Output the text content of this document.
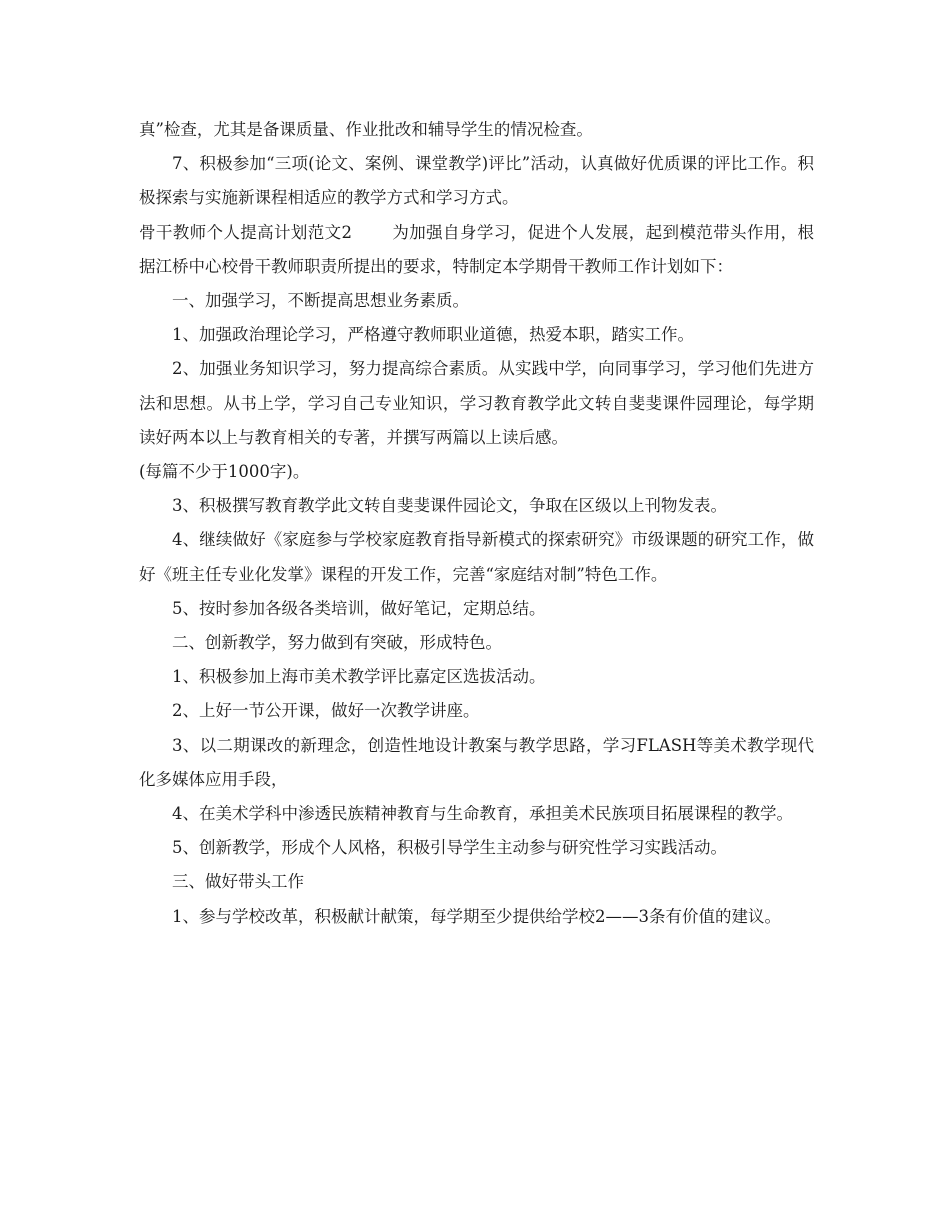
真”检查，尤其是备课质量、作业批改和辅导学生的情况检查。

7、积极参加“三项(论文、案例、课堂教学)评比”活动，认真做好优质课的评比工作。积极探索与实施新课程相适应的教学方式和学习方式。

骨干教师个人提高计划范文2 为加强自身学习，促进个人发展，起到模范带头作用，根据江桥中心校骨干教师职责所提出的要求，特制定本学期骨干教师工作计划如下：

一、加强学习，不断提高思想业务素质。

1、加强政治理论学习，严格遵守教师职业道德，热爱本职，踏实工作。

2、加强业务知识学习，努力提高综合素质。从实践中学，向同事学习，学习他们先进方法和思想。从书上学，学习自己专业知识，学习教育教学此文转自斐斐课件园理论，每学期读好两本以上与教育相关的专著，并撰写两篇以上读后感。

(每篇不少于1000字)。

3、积极撰写教育教学此文转自斐斐课件园论文，争取在区级以上刊物发表。

4、继续做好《家庭参与学校家庭教育指导新模式的探索研究》市级课题的研究工作，做好《班主任专业化发掌》课程的开发工作，完善“家庭结对制”特色工作。

5、按时参加各级各类培训，做好笔记，定期总结。

二、创新教学，努力做到有突破，形成特色。

1、积极参加上海市美术教学评比嘉定区选拔活动。

2、上好一节公开课，做好一次教学讲座。

3、以二期课改的新理念，创造性地设计教案与教学思路，学习FLASH等美术教学现代化多媒体应用手段，

4、在美术学科中渗透民族精神教育与生命教育，承担美术民族项目拓展课程的教学。

5、创新教学，形成个人风格，积极引导学生主动参与研究性学习实践活动。

三、做好带头工作

1、参与学校改革，积极献计献策，每学期至少提供给学校2——3条有价值的建议。
